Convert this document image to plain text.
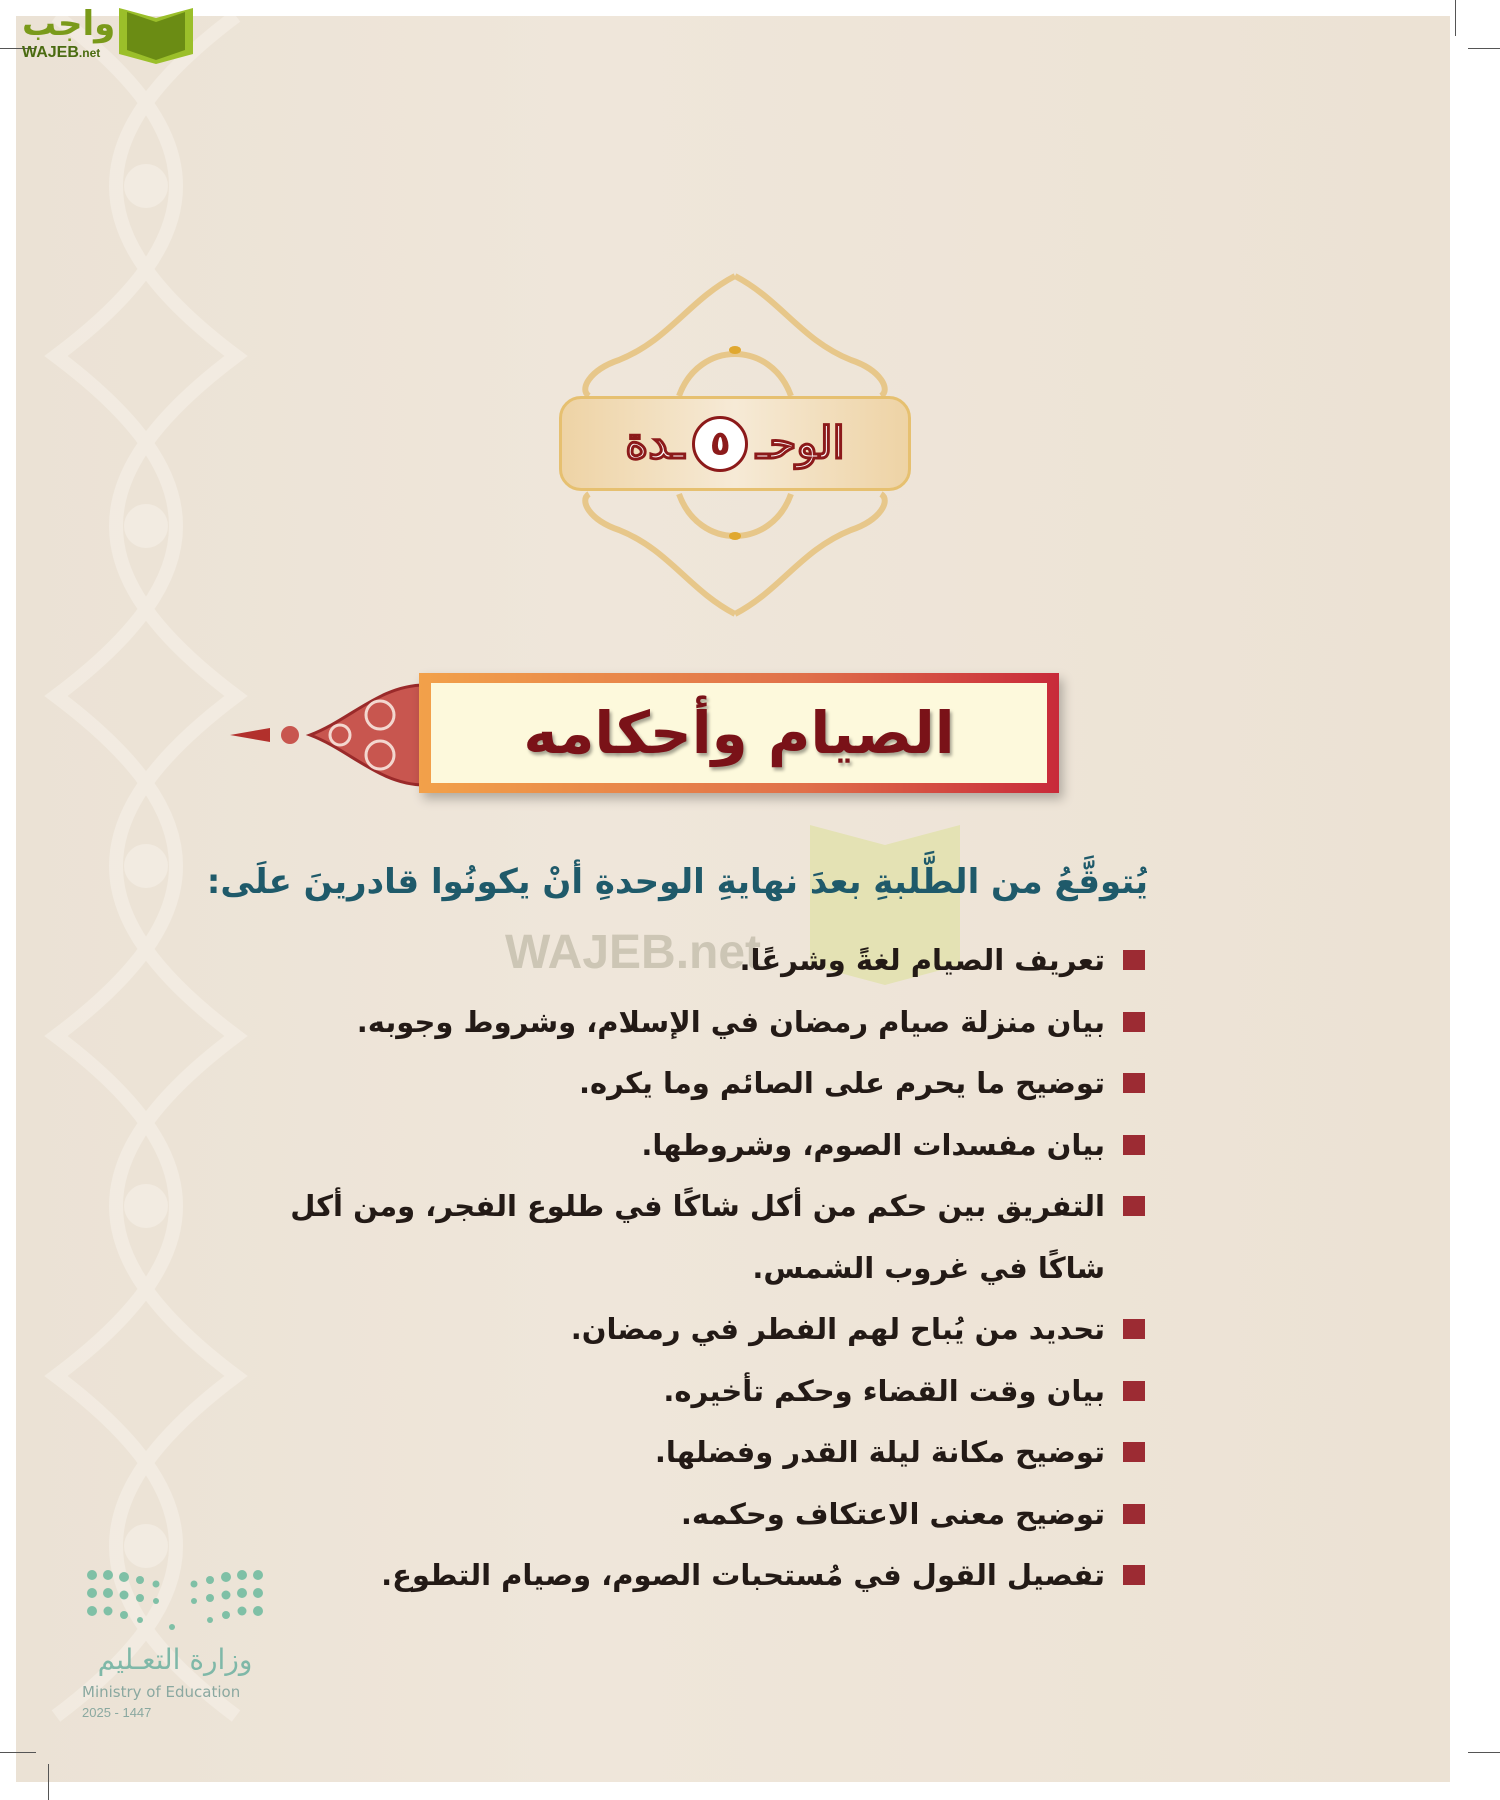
واجب
WAJEB.net
الوحـ
٥
ـدة
الصيام وأحكامه
WAJEB.net
يُتوقَّعُ من الطَّلبةِ بعدَ نهايةِ الوحدةِ أنْ يكونُوا قادرينَ علَى:
تعريف الصيام لغةً وشرعًا.
بيان منزلة صيام رمضان في الإسلام، وشروط وجوبه.
توضيح ما يحرم على الصائم وما يكره.
بيان مفسدات الصوم، وشروطها.
التفريق بين حكم من أكل شاكًا في طلوع الفجر، ومن أكل شاكًا في غروب الشمس.
تحديد من يُباح لهم الفطر في رمضان.
بيان وقت القضاء وحكم تأخيره.
توضيح مكانة ليلة القدر وفضلها.
توضيح معنى الاعتكاف وحكمه.
تفصيل القول في مُستحبات الصوم، وصيام التطوع.
وزارة التعـليم
Ministry of Education
2025 - 1447
